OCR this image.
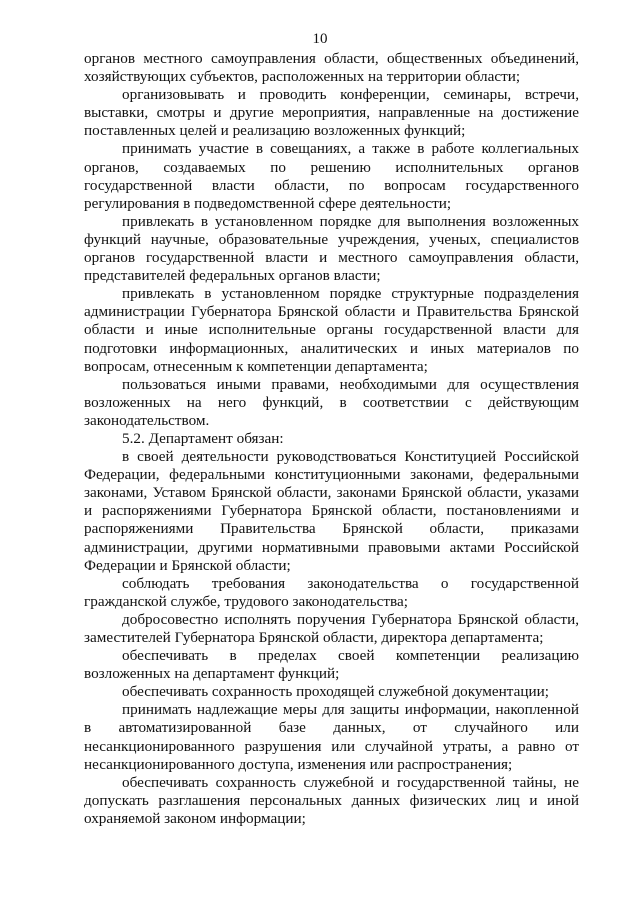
10

органов местного самоуправления области, общественных объединений, хозяйствующих субъектов, расположенных на территории области;

организовывать и проводить конференции, семинары, встречи, выставки, смотры и другие мероприятия, направленные на достижение поставленных целей и реализацию возложенных функций;

принимать участие в совещаниях, а также в работе коллегиальных органов, создаваемых по решению исполнительных органов государственной власти области, по вопросам государственного регулирования в подведомственной сфере деятельности;

привлекать в установленном порядке для выполнения возложенных функций научные, образовательные учреждения, ученых, специалистов органов государственной власти и местного самоуправления области, представителей федеральных органов власти;

привлекать в установленном порядке структурные подразделения администрации Губернатора Брянской области и Правительства Брянской области и иные исполнительные органы государственной власти для подготовки информационных, аналитических и иных материалов по вопросам, отнесенным к компетенции департамента;

пользоваться иными правами, необходимыми для осуществления возложенных на него функций, в соответствии с действующим законодательством.

5.2. Департамент обязан:

в своей деятельности руководствоваться Конституцией Российской Федерации, федеральными конституционными законами, федеральными законами, Уставом Брянской области, законами Брянской области, указами и распоряжениями Губернатора Брянской области, постановлениями и распоряжениями Правительства Брянской области, приказами администрации, другими нормативными правовыми актами Российской Федерации и Брянской области;

соблюдать требования законодательства о государственной гражданской службе, трудового законодательства;

добросовестно исполнять поручения Губернатора Брянской области, заместителей Губернатора Брянской области, директора департамента;

обеспечивать в пределах своей компетенции реализацию возложенных на департамент функций;

обеспечивать сохранность проходящей служебной документации;

принимать надлежащие меры для защиты информации, накопленной в автоматизированной базе данных, от случайного или несанкционированного разрушения или случайной утраты, а равно от несанкционированного доступа, изменения или распространения;

обеспечивать сохранность служебной и государственной тайны, не допускать разглашения персональных данных физических лиц и иной охраняемой законом информации;
